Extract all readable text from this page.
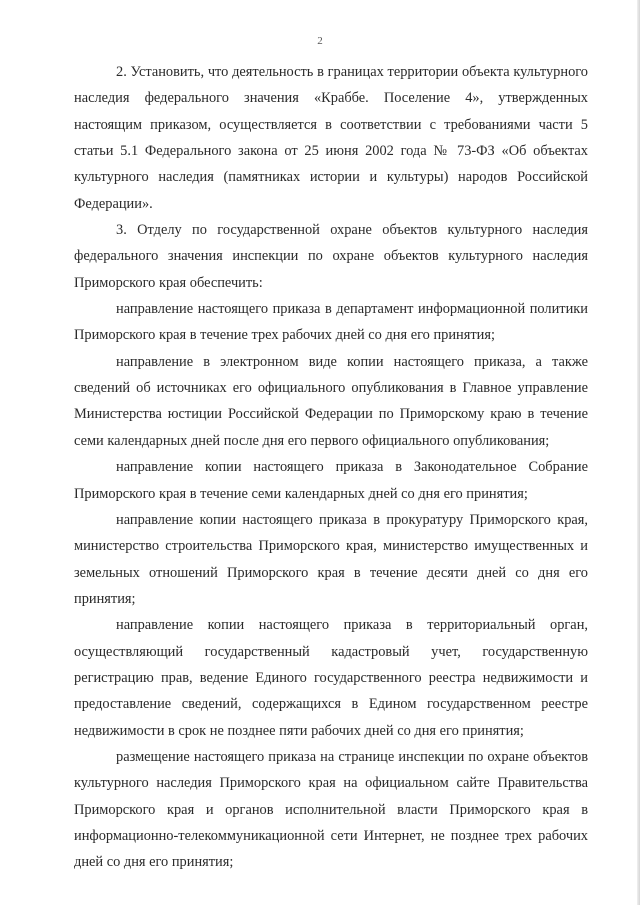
2

2. Установить, что деятельность в границах территории объекта культурного наследия федерального значения «Краббе. Поселение 4», утвержденных настоящим приказом, осуществляется в соответствии с требованиями части 5 статьи 5.1 Федерального закона от 25 июня 2002 года № 73-ФЗ «Об объектах культурного наследия (памятниках истории и культуры) народов Российской Федерации».

3. Отделу по государственной охране объектов культурного наследия федерального значения инспекции по охране объектов культурного наследия Приморского края обеспечить:

направление настоящего приказа в департамент информационной политики Приморского края в течение трех рабочих дней со дня его принятия;

направление в электронном виде копии настоящего приказа, а также сведений об источниках его официального опубликования в Главное управление Министерства юстиции Российской Федерации по Приморскому краю в течение семи календарных дней после дня его первого официального опубликования;

направление копии настоящего приказа в Законодательное Собрание Приморского края в течение семи календарных дней со дня его принятия;

направление копии настоящего приказа в прокуратуру Приморского края, министерство строительства Приморского края, министерство имущественных и земельных отношений Приморского края в течение десяти дней со дня его принятия;

направление копии настоящего приказа в территориальный орган, осуществляющий государственный кадастровый учет, государственную регистрацию прав, ведение Единого государственного реестра недвижимости и предоставление сведений, содержащихся в Едином государственном реестре недвижимости в срок не позднее пяти рабочих дней со дня его принятия;

размещение настоящего приказа на странице инспекции по охране объектов культурного наследия Приморского края на официальном сайте Правительства Приморского края и органов исполнительной власти Приморского края в информационно-телекоммуникационной сети Интернет, не позднее трех рабочих дней со дня его принятия;
